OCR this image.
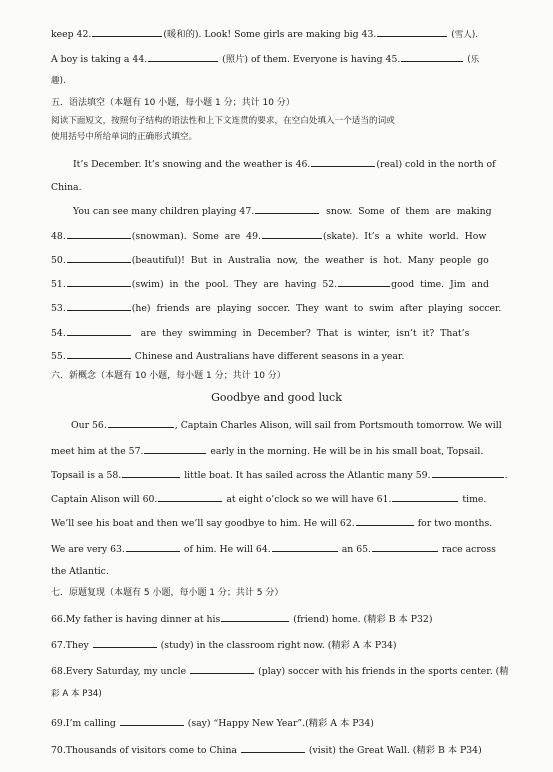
keep 42.	(暖和的). Look! Some girls are making big 43.	(雪人).
A boy is taking a 44.	(照片) of them. Everyone is having 45.	(乐
趣).
五．语法填空（本题有 10 小题，每小题 1 分；共计 10 分）
阅读下面短文，按照句子结构的语法性和上下文连贯的要求，在空白处填入一个适当的词或
使用括号中所给单词的正确形式填空。
It’s December. It’s snowing and the weather is 46.	(real) cold in the north of
China.
You can see many children playing 47.	snow.  Some  of  them  are  making
48.	(snowman).  Some  are  49.	(skate).  It’s  a  white  world.  How
50.	(beautiful)!  But  in  Australia  now,  the  weather  is  hot.  Many  people  go
51.	(swim)  in  the  pool.  They  are  having  52.	good  time.  Jim  and
53.	(he)  friends  are  playing  soccer.  They  want  to  swim  after  playing  soccer.
54.	are  they  swimming  in  December?  That  is  winter,  isn’t  it?  That’s
55.	Chinese and Australians have different seasons in a year.
六．新概念（本题有 10 小题，每小题 1 分；共计 10 分）
Goodbye and good luck
Our 56.	, Captain Charles Alison, will sail from Portsmouth tomorrow. We will
meet him at the 57.	early in the morning. He will be in his small boat, Topsail.
Topsail is a 58.	little boat. It has sailed across the Atlantic many 59.	.
Captain Alison will 60.	at eight o’clock so we will have 61.	time.
We’ll see his boat and then we’ll say goodbye to him. He will 62.	for two months.
We are very 63.	of him. He will 64.	an 65.	race across
the Atlantic.
七．原题复现（本题有 5 小题，每小题 1 分；共计 5 分）
66.My father is having dinner at his	(friend) home. (精彩 B 本 P32)
67.They	(study) in the classroom right now. (精彩 A 本 P34)
68.Every Saturday, my uncle	(play) soccer with his friends in the sports center. (精
彩 A 本 P34)
69.I’m calling	(say) “Happy New Year”.(精彩 A 本 P34)
70.Thousands of visitors come to China	(visit) the Great Wall. (精彩 B 本 P34)
